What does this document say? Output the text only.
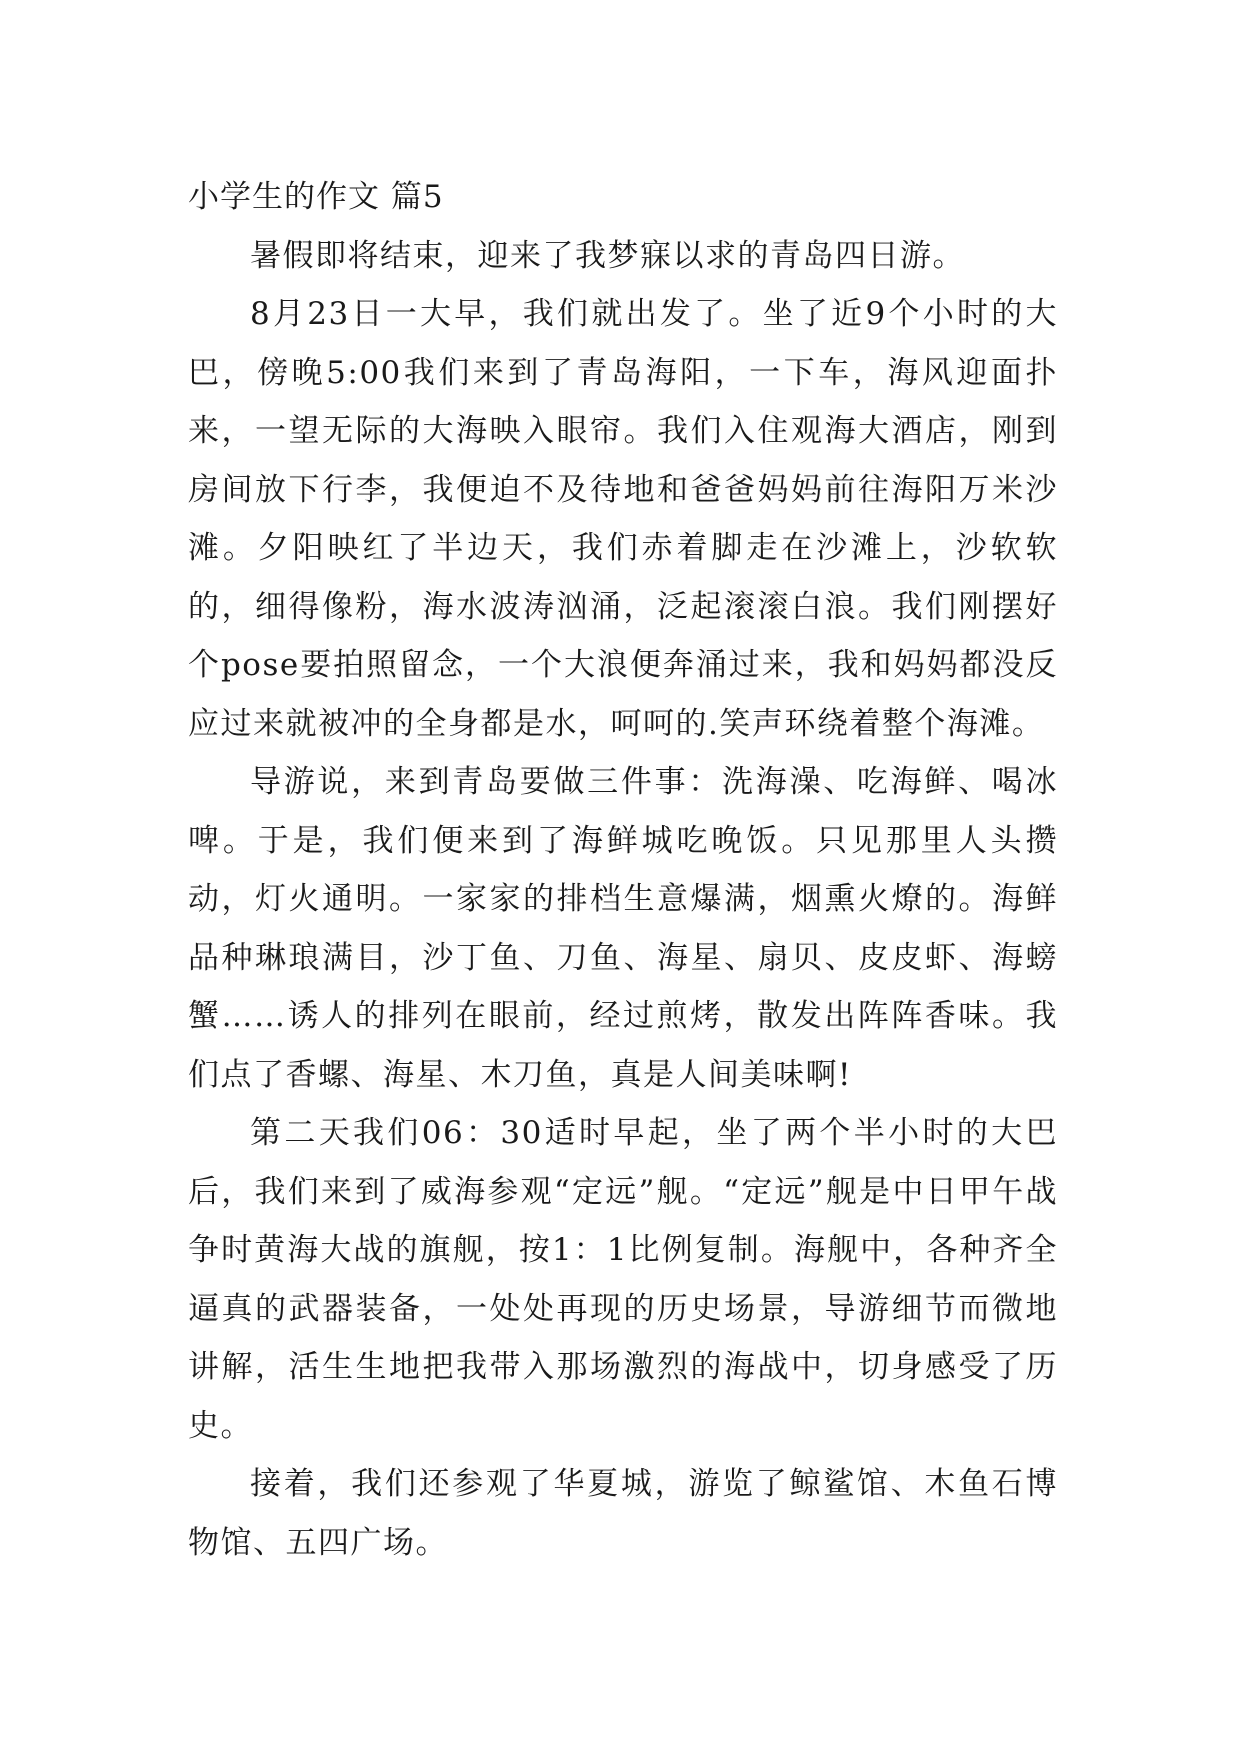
小学生的作文 篇5

暑假即将结束，迎来了我梦寐以求的青岛四日游。

8月23日一大早，我们就出发了。坐了近9个小时的大巴，傍晚5:00我们来到了青岛海阳，一下车，海风迎面扑来，一望无际的大海映入眼帘。我们入住观海大酒店，刚到房间放下行李，我便迫不及待地和爸爸妈妈前往海阳万米沙滩。夕阳映红了半边天，我们赤着脚走在沙滩上，沙软软的，细得像粉，海水波涛汹涌，泛起滚滚白浪。我们刚摆好个pose要拍照留念，一个大浪便奔涌过来，我和妈妈都没反应过来就被冲的全身都是水，呵呵的.笑声环绕着整个海滩。

导游说，来到青岛要做三件事：洗海澡、吃海鲜、喝冰啤。于是，我们便来到了海鲜城吃晚饭。只见那里人头攒动，灯火通明。一家家的排档生意爆满，烟熏火燎的。海鲜品种琳琅满目，沙丁鱼、刀鱼、海星、扇贝、皮皮虾、海螃蟹……诱人的排列在眼前，经过煎烤，散发出阵阵香味。我们点了香螺、海星、木刀鱼，真是人间美味啊!

第二天我们06：30适时早起，坐了两个半小时的大巴后，我们来到了威海参观“定远”舰。“定远”舰是中日甲午战争时黄海大战的旗舰，按1：1比例复制。海舰中，各种齐全逼真的武器装备，一处处再现的历史场景，导游细节而微地讲解，活生生地把我带入那场激烈的海战中，切身感受了历史。

接着，我们还参观了华夏城，游览了鲸鲨馆、木鱼石博物馆、五四广场。
